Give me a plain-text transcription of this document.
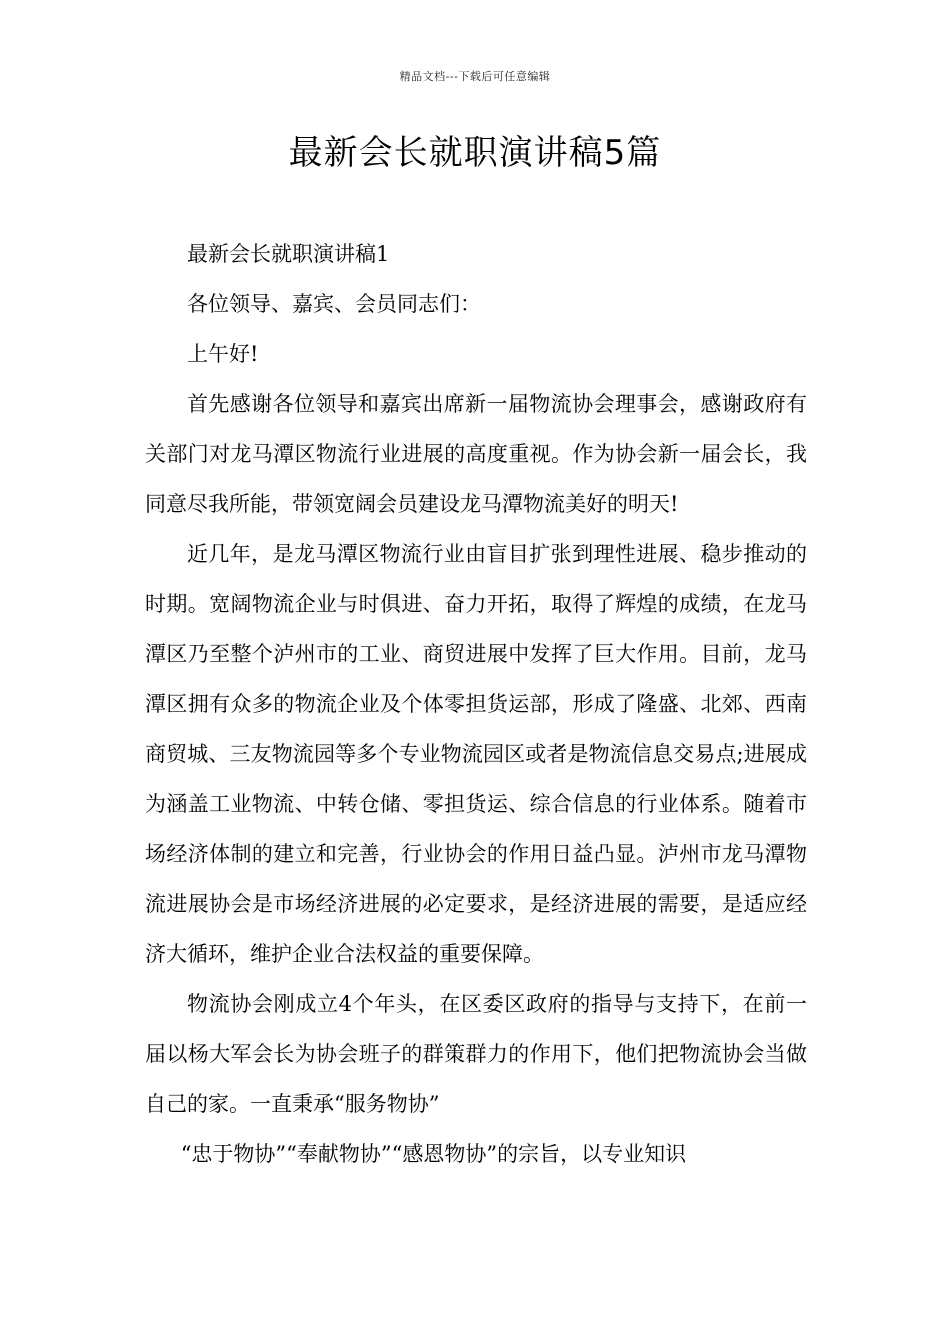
精品文档---下载后可任意编辑
最新会长就职演讲稿5篇

最新会长就职演讲稿1

各位领导、嘉宾、会员同志们：

上午好!

首先感谢各位领导和嘉宾出席新一届物流协会理事会，感谢政府有关部门对龙马潭区物流行业进展的高度重视。作为协会新一届会长，我同意尽我所能，带领宽阔会员建设龙马潭物流美好的明天!

近几年，是龙马潭区物流行业由盲目扩张到理性进展、稳步推动的时期。宽阔物流企业与时俱进、奋力开拓，取得了辉煌的成绩，在龙马潭区乃至整个泸州市的工业、商贸进展中发挥了巨大作用。目前，龙马潭区拥有众多的物流企业及个体零担货运部，形成了隆盛、北郊、西南商贸城、三友物流园等多个专业物流园区或者是物流信息交易点;进展成为涵盖工业物流、中转仓储、零担货运、综合信息的行业体系。随着市场经济体制的建立和完善，行业协会的作用日益凸显。泸州市龙马潭物流进展协会是市场经济进展的必定要求，是经济进展的需要，是适应经济大循环，维护企业合法权益的重要保障。

物流协会刚成立4个年头，在区委区政府的指导与支持下，在前一届以杨大军会长为协会班子的群策群力的作用下，他们把物流协会当做自己的家。一直秉承“服务物协”

“忠于物协”“奉献物协”“感恩物协”的宗旨，以专业知识
